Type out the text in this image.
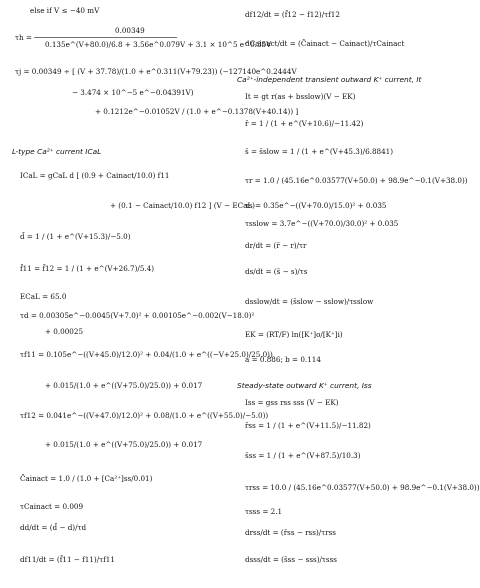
else if V ≤ −40 mV
0.00349
τh = ─────────────────────────────────
0.135e^(V+80.0)/6.8 + 3.56e^0.079V + 3.1 × 10^5 e^0.35V
τj = 0.00349 ÷ [ (V + 37.78)/(1.0 + e^0.311(V+79.23)) (−127140e^0.2444V
− 3.474 × 10^−5 e^−0.04391V)
+ 0.1212e^−0.01052V / (1.0 + e^−0.1378(V+40.14)) ]
L-type Ca²⁺ current ICaL
ICaL = gCaL d [ (0.9 + Cainact/10.0) f11
+ (0.1 − Cainact/10.0) f12 ] (V − ECaL)
d̄ = 1 / (1 + e^(V+15.3)/−5.0)
f̄11 = f̄12 = 1 / (1 + e^(V+26.7)/5.4)
ECaL = 65.0
τd = 0.00305e^−0.0045(V+7.0)² + 0.00105e^−0.002(V−18.0)²
+ 0.00025
τf11 = 0.105e^−((V+45.0)/12.0)² + 0.04/(1.0 + e^((−V+25.0)/25.0))
+ 0.015/(1.0 + e^((V+75.0)/25.0)) + 0.017
τf12 = 0.041e^−((V+47.0)/12.0)² + 0.08/(1.0 + e^((V+55.0)/−5.0))
+ 0.015/(1.0 + e^((V+75.0)/25.0)) + 0.017
C̄ainact = 1.0 / (1.0 + [Ca²⁺]ss/0.01)
τCainact = 0.009
dd/dt = (d̄ − d)/τd
df11/dt = (f̄11 − f11)/τf11
df12/dt = (f̄12 − f12)/τf12
dCainact/dt = (C̄ainact − Cainact)/τCainact
Ca²⁺-independent transient outward K⁺ current, It
It = gt r(as + bsslow)(V − EK)
r̄ = 1 / (1 + e^(V+10.6)/−11.42)
s̄ = s̄slow = 1 / (1 + e^(V+45.3)/6.8841)
τr = 1.0 / (45.16e^0.03577(V+50.0) + 98.9e^−0.1(V+38.0))
τs = 0.35e^−((V+70.0)/15.0)² + 0.035
τsslow = 3.7e^−((V+70.0)/30.0)² + 0.035
dr/dt = (r̄ − r)/τr
ds/dt = (s̄ − s)/τs
dsslow/dt = (s̄slow − sslow)/τsslow
EK = (RT/F) ln([K⁺]o/[K⁺]i)
a = 0.886; b = 0.114
Steady-state outward K⁺ current, Iss
Iss = gss rss sss (V − EK)
r̄ss = 1 / (1 + e^(V+11.5)/−11.82)
s̄ss = 1 / (1 + e^(V+87.5)/10.3)
τrss = 10.0 / (45.16e^0.03577(V+50.0) + 98.9e^−0.1(V+38.0))
τsss = 2.1
drss/dt = (r̄ss − rss)/τrss
dsss/dt = (s̄ss − sss)/τsss
